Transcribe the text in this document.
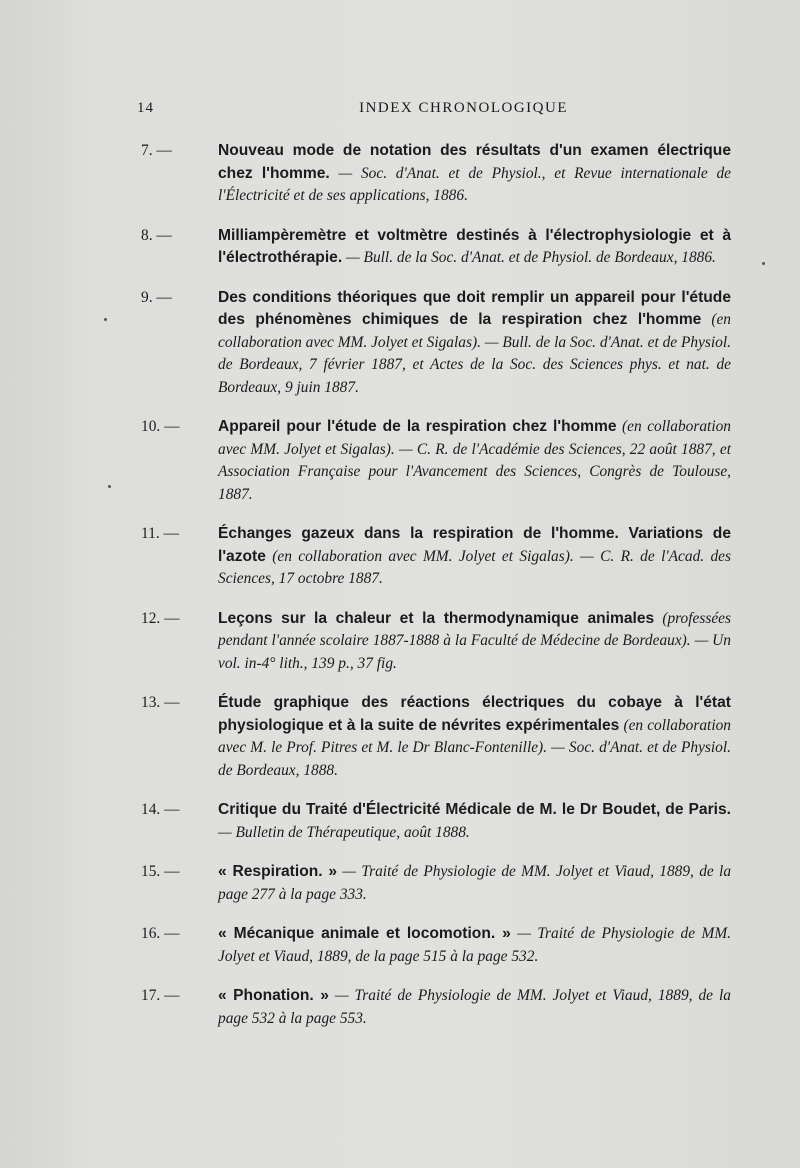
14	INDEX CHRONOLOGIQUE
7. —	Nouveau mode de notation des résultats d'un examen électrique chez l'homme. — Soc. d'Anat. et de Physiol., et Revue internationale de l'Électricité et de ses applications, 1886.
8. —	Milliampèremètre et voltmètre destinés à l'électrophysiologie et à l'électrothérapie. — Bull. de la Soc. d'Anat. et de Physiol. de Bordeaux, 1886.
9. —	Des conditions théoriques que doit remplir un appareil pour l'étude des phénomènes chimiques de la respiration chez l'homme (en collaboration avec MM. Jolyet et Sigalas). — Bull. de la Soc. d'Anat. et de Physiol. de Bordeaux, 7 février 1887, et Actes de la Soc. des Sciences phys. et nat. de Bordeaux, 9 juin 1887.
10. —	Appareil pour l'étude de la respiration chez l'homme (en collaboration avec MM. Jolyet et Sigalas). — C. R. de l'Académie des Sciences, 22 août 1887, et Association Française pour l'Avancement des Sciences, Congrès de Toulouse, 1887.
11. —	Échanges gazeux dans la respiration de l'homme. Variations de l'azote (en collaboration avec MM. Jolyet et Sigalas). — C. R. de l'Acad. des Sciences, 17 octobre 1887.
12. —	Leçons sur la chaleur et la thermodynamique animales (professées pendant l'année scolaire 1887-1888 à la Faculté de Médecine de Bordeaux). — Un vol. in-4° lith., 139 p., 37 fig.
13. —	Étude graphique des réactions électriques du cobaye à l'état physiologique et à la suite de névrites expérimentales (en collaboration avec M. le Prof. Pitres et M. le Dr Blanc-Fontenille). — Soc. d'Anat. et de Physiol. de Bordeaux, 1888.
14. —	Critique du Traité d'Électricité Médicale de M. le Dr Boudet, de Paris. — Bulletin de Thérapeutique, août 1888.
15. —	« Respiration. » — Traité de Physiologie de MM. Jolyet et Viaud, 1889, de la page 277 à la page 333.
16. —	« Mécanique animale et locomotion. » — Traité de Physiologie de MM. Jolyet et Viaud, 1889, de la page 515 à la page 532.
17. —	« Phonation. » — Traité de Physiologie de MM. Jolyet et Viaud, 1889, de la page 532 à la page 553.
